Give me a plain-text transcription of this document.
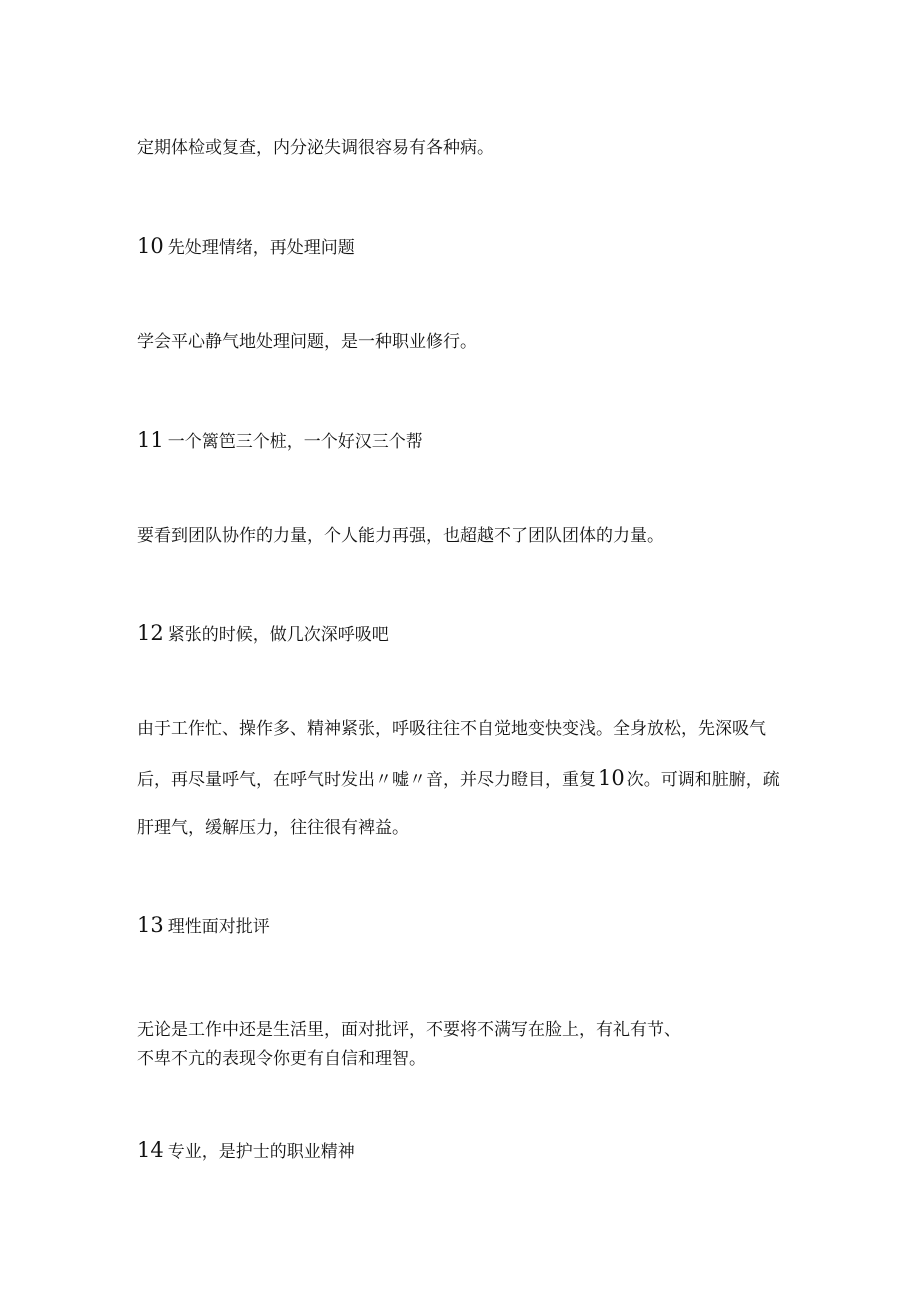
定期体检或复查，内分泌失调很容易有各种病。
10 先处理情绪，再处理问题
学会平心静气地处理问题，是一种职业修行。
11 一个篱笆三个桩，一个好汉三个帮
要看到团队协作的力量，个人能力再强，也超越不了团队团体的力量。
12 紧张的时候，做几次深呼吸吧
由于工作忙、操作多、精神紧张，呼吸往往不自觉地变快变浅。全身放松，先深吸气
后，再尽量呼气，在呼气时发出〃嘘〃音，并尽力瞪目，重复10 次。可调和脏腑，疏
肝理气，缓解压力，往往很有裨益。
13 理性面对批评
无论是工作中还是生活里，面对批评，不要将不满写在脸上，有礼有节、
不卑不亢的表现令你更有自信和理智。
14 专业，是护士的职业精神
